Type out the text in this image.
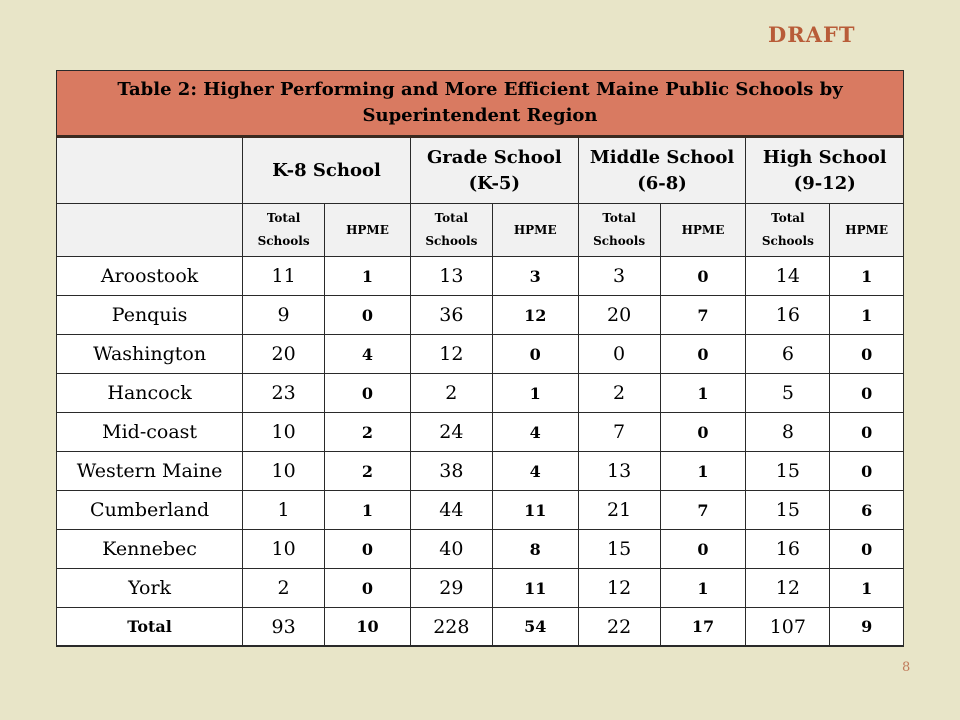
DRAFT
Table 2: Higher Performing and More Efficient Maine Public Schools by Superintendent Region								
	K-8 School		Grade School (K-5)		Middle School (6-8)		High School (9-12)	
	Total Schools	HPME	Total Schools	HPME	Total Schools	HPME	Total Schools	HPME
Aroostook	11	1	13	3	3	0	14	1
Penquis	9	0	36	12	20	7	16	1
Washington	20	4	12	0	0	0	6	0
Hancock	23	0	2	1	2	1	5	0
Mid-coast	10	2	24	4	7	0	8	0
Western Maine	10	2	38	4	13	1	15	0
Cumberland	1	1	44	11	21	7	15	6
Kennebec	10	0	40	8	15	0	16	0
York	2	0	29	11	12	1	12	1
Total	93	10	228	54	22	17	107	9
8
